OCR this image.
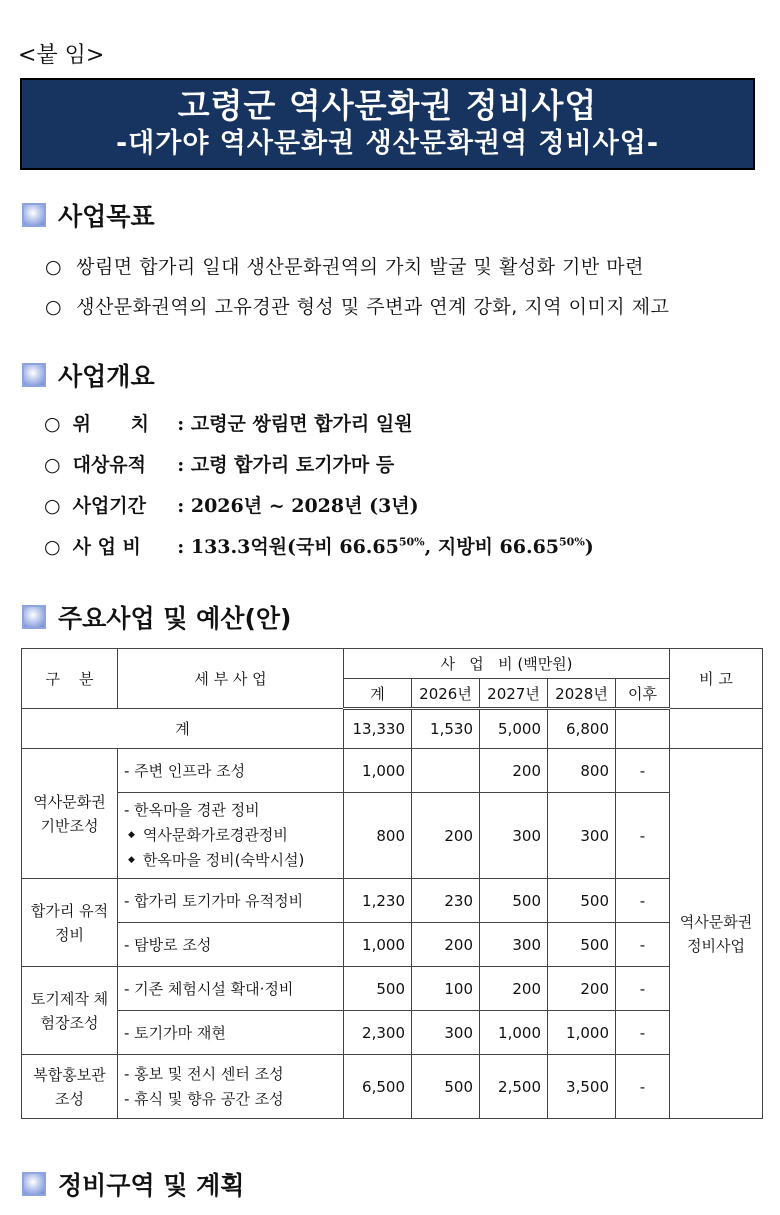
<붙 임>
고령군 역사문화권 정비사업
-대가야 역사문화권 생산문화권역 정비사업-
사업목표
○ 쌍림면 합가리 일대 생산문화권역의 가치 발굴 및 활성화 기반 마련
○ 생산문화권역의 고유경관 형성 및 주변과 연계 강화, 지역 이미지 제고
사업개요
○ 위      치 : 고령군 쌍림면 합가리 일원
○ 대상유적 : 고령 합가리 토기가마 등
○ 사업기간 : 2026년 ~ 2028년 (3년)
○ 사 업 비 : 133.3억원(국비 $66.65^{50\%}$, 지방비 $66.65^{50\%}$)
주요사업 및 예산(안)
구    분	세 부 사 업	사   업   비 (백만원)					비 고
		계	2026년	2027년	2028년	이후	
계		13,330	1,530	5,000	6,800		
역사문화권 기반조성	- 주변 인프라 조성	1,000		200	800	-	역사문화권 정비사업

	- 한옥마을 경관 정비
◆ 역사문화가로경관정비
◆ 한옥마을 정비(숙박시설)	800	200	300	300	-	
합가리 유적정비	- 합가리 토기가마 유적정비	1,230	230	500	500	-	
	- 탐방로 조성	1,000	200	300	500	-	
토기제작 체험장조성	- 기존 체험시설 확대·정비	500	100	200	200	-	
	- 토기가마 재현	2,300	300	1,000	1,000	-	
복합홍보관 조성	- 홍보 및 전시 센터 조성
- 휴식 및 향유 공간 조성	6,500	500	2,500	3,500	-	
정비구역 및 계획
